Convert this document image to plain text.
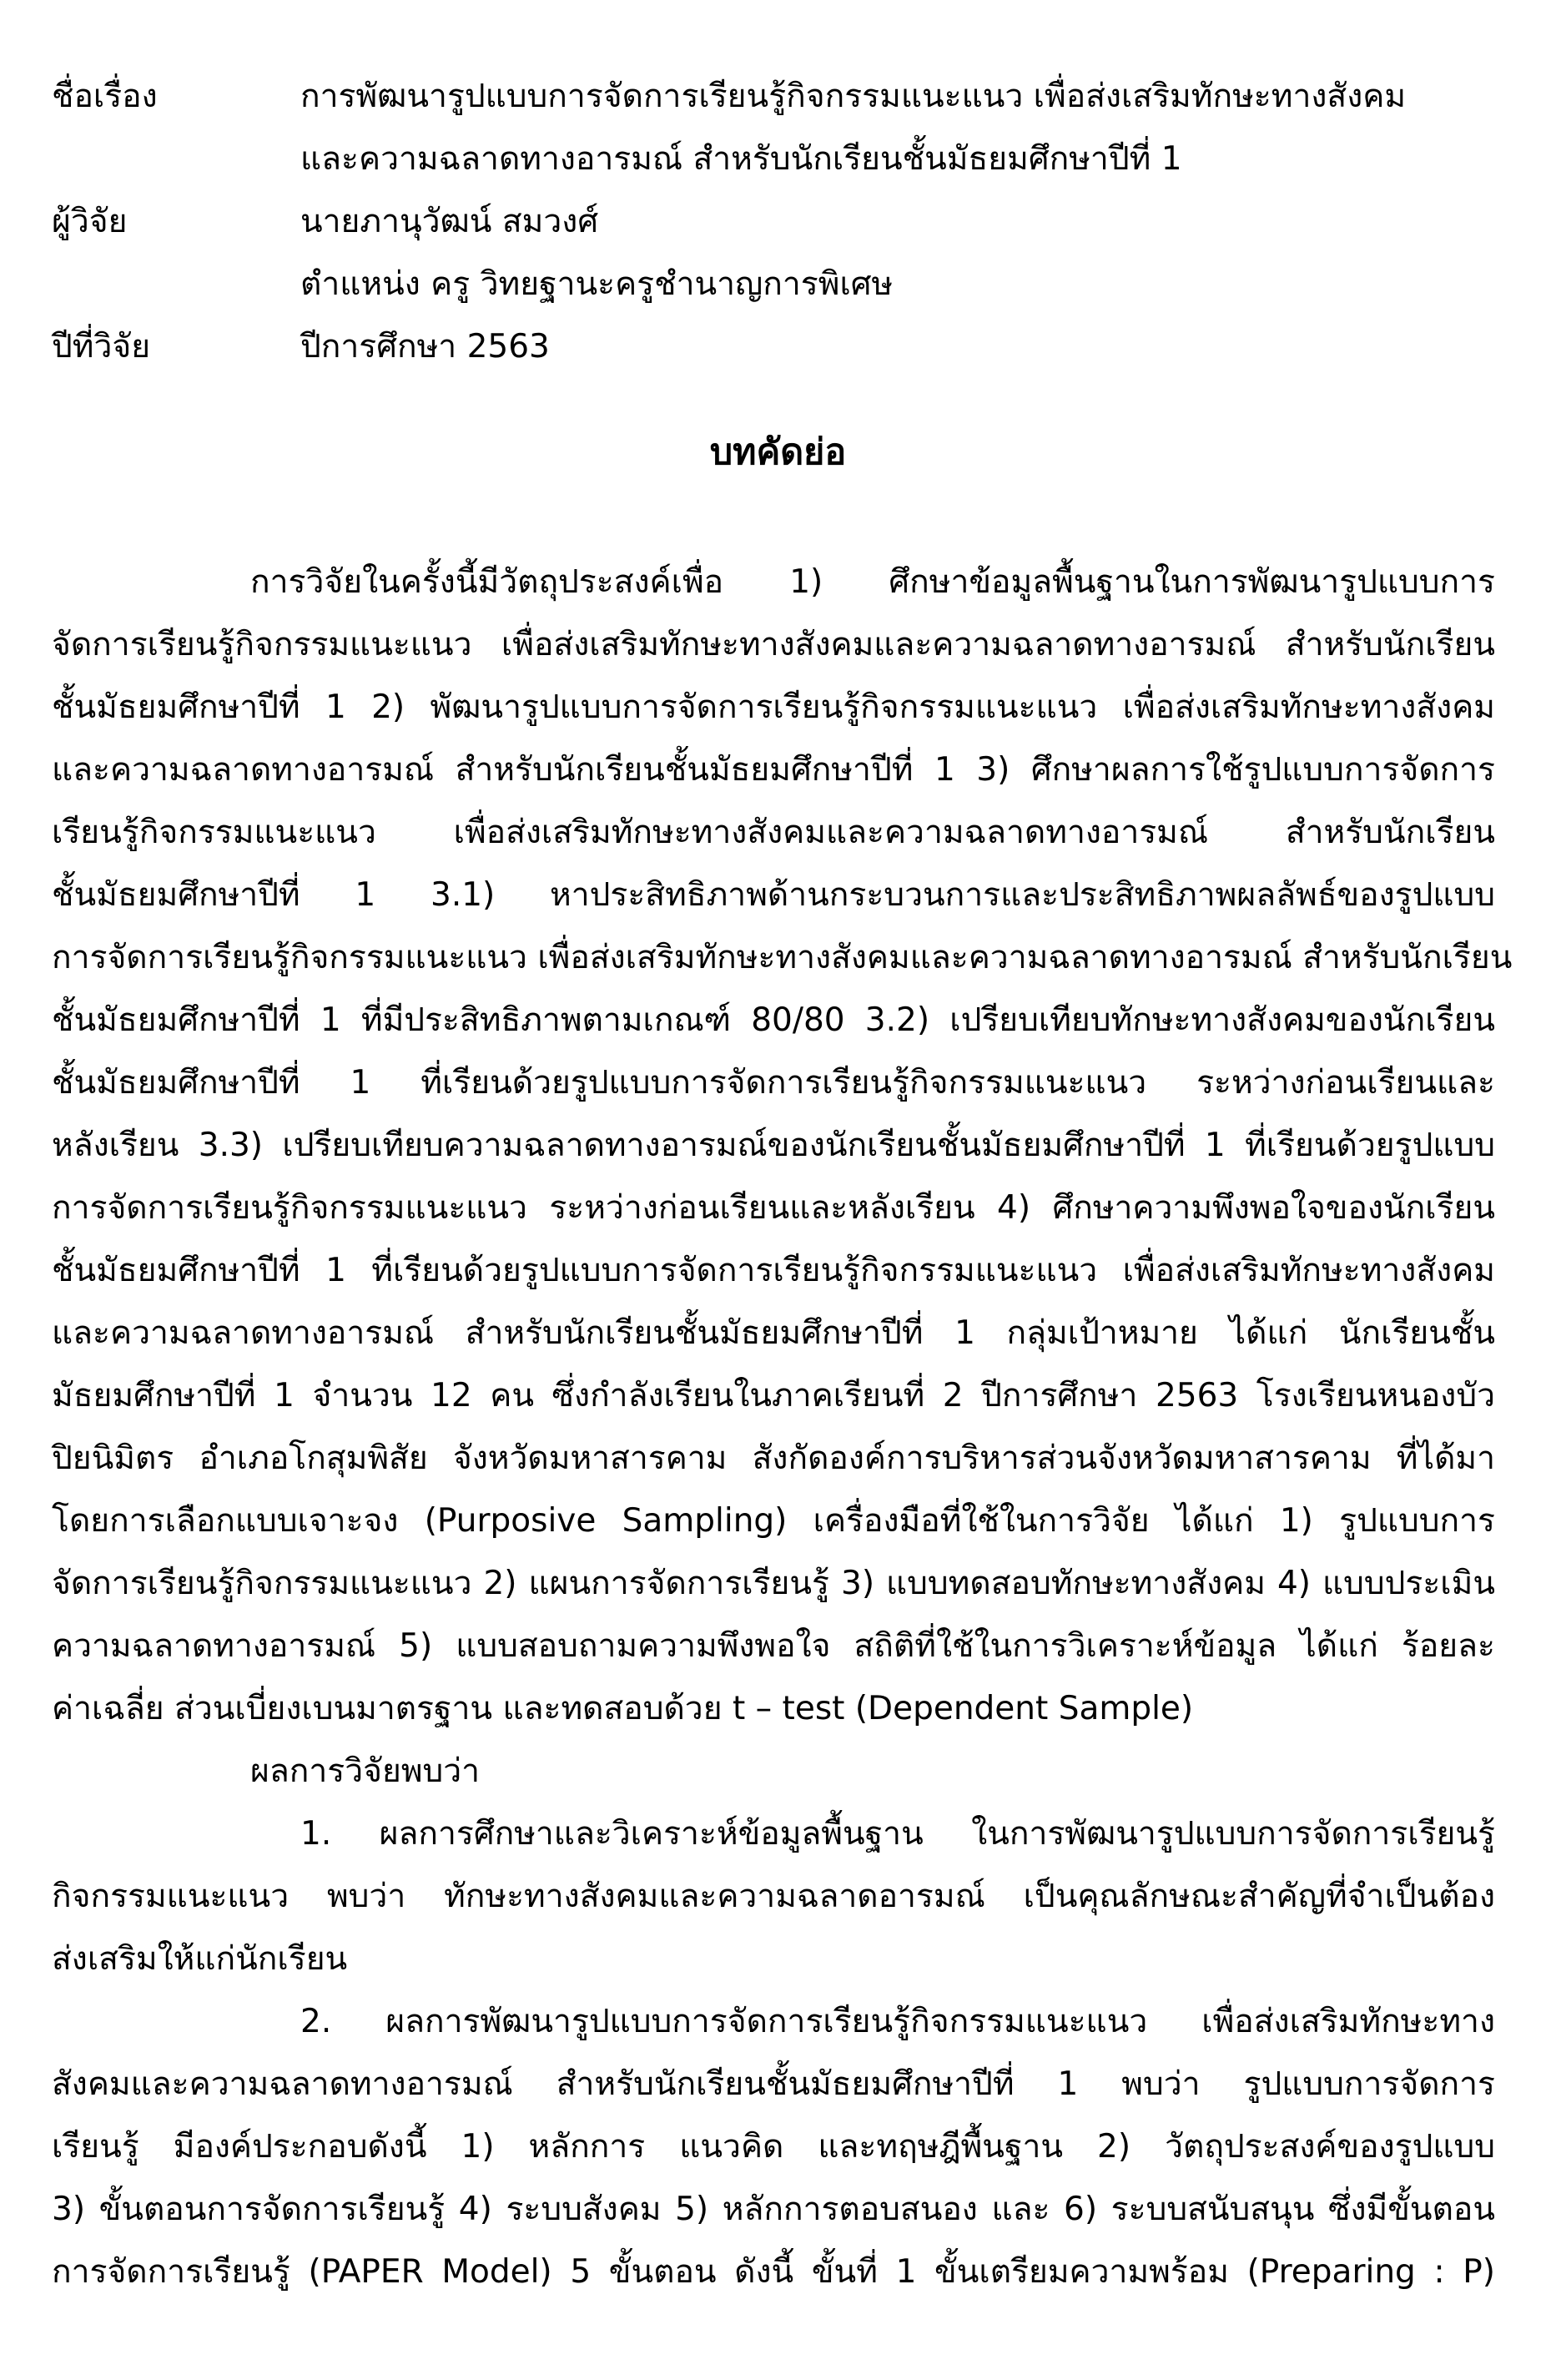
ชื่อเรื่อง	การพัฒนารูปแบบการจัดการเรียนรู้กิจกรรมแนะแนว เพื่อส่งเสริมทักษะทางสังคม
และความฉลาดทางอารมณ์ สำหรับนักเรียนชั้นมัธยมศึกษาปีที่ 1
ผู้วิจัย	นายภานุวัฒน์ สมวงศ์
ตำแหน่ง ครู วิทยฐานะครูชำนาญการพิเศษ
ปีที่วิจัย	ปีการศึกษา 2563
บทคัดย่อ
การวิจัยในครั้งนี้มีวัตถุประสงค์เพื่อ 1) ศึกษาข้อมูลพื้นฐานในการพัฒนารูปแบบการ
จัดการเรียนรู้กิจกรรมแนะแนว เพื่อส่งเสริมทักษะทางสังคมและความฉลาดทางอารมณ์ สำหรับนักเรียน
ชั้นมัธยมศึกษาปีที่ 1 2) พัฒนารูปแบบการจัดการเรียนรู้กิจกรรมแนะแนว เพื่อส่งเสริมทักษะทางสังคม
และความฉลาดทางอารมณ์ สำหรับนักเรียนชั้นมัธยมศึกษาปีที่ 1 3) ศึกษาผลการใช้รูปแบบการจัดการ
เรียนรู้กิจกรรมแนะแนว เพื่อส่งเสริมทักษะทางสังคมและความฉลาดทางอารมณ์ สำหรับนักเรียน
ชั้นมัธยมศึกษาปีที่ 1 3.1) หาประสิทธิภาพด้านกระบวนการและประสิทธิภาพผลลัพธ์ของรูปแบบ
การจัดการเรียนรู้กิจกรรมแนะแนว เพื่อส่งเสริมทักษะทางสังคมและความฉลาดทางอารมณ์ สำหรับนักเรียน
ชั้นมัธยมศึกษาปีที่ 1 ที่มีประสิทธิภาพตามเกณฑ์ 80/80 3.2) เปรียบเทียบทักษะทางสังคมของนักเรียน
ชั้นมัธยมศึกษาปีที่ 1 ที่เรียนด้วยรูปแบบการจัดการเรียนรู้กิจกรรมแนะแนว ระหว่างก่อนเรียนและ
หลังเรียน 3.3) เปรียบเทียบความฉลาดทางอารมณ์ของนักเรียนชั้นมัธยมศึกษาปีที่ 1 ที่เรียนด้วยรูปแบบ
การจัดการเรียนรู้กิจกรรมแนะแนว ระหว่างก่อนเรียนและหลังเรียน 4) ศึกษาความพึงพอใจของนักเรียน
ชั้นมัธยมศึกษาปีที่ 1 ที่เรียนด้วยรูปแบบการจัดการเรียนรู้กิจกรรมแนะแนว เพื่อส่งเสริมทักษะทางสังคม
และความฉลาดทางอารมณ์ สำหรับนักเรียนชั้นมัธยมศึกษาปีที่ 1 กลุ่มเป้าหมาย ได้แก่ นักเรียนชั้น
มัธยมศึกษาปีที่ 1 จำนวน 12 คน ซึ่งกำลังเรียนในภาคเรียนที่ 2 ปีการศึกษา 2563 โรงเรียนหนองบัว
ปิยนิมิตร อำเภอโกสุมพิสัย จังหวัดมหาสารคาม สังกัดองค์การบริหารส่วนจังหวัดมหาสารคาม ที่ได้มา
โดยการเลือกแบบเจาะจง (Purposive Sampling) เครื่องมือที่ใช้ในการวิจัย ได้แก่ 1) รูปแบบการ
จัดการเรียนรู้กิจกรรมแนะแนว 2) แผนการจัดการเรียนรู้ 3) แบบทดสอบทักษะทางสังคม 4) แบบประเมิน
ความฉลาดทางอารมณ์ 5) แบบสอบถามความพึงพอใจ สถิติที่ใช้ในการวิเคราะห์ข้อมูล ได้แก่ ร้อยละ
ค่าเฉลี่ย ส่วนเบี่ยงเบนมาตรฐาน และทดสอบด้วย t – test (Dependent Sample)
ผลการวิจัยพบว่า
1. ผลการศึกษาและวิเคราะห์ข้อมูลพื้นฐาน ในการพัฒนารูปแบบการจัดการเรียนรู้
กิจกรรมแนะแนว พบว่า ทักษะทางสังคมและความฉลาดอารมณ์ เป็นคุณลักษณะสำคัญที่จำเป็นต้อง
ส่งเสริมให้แก่นักเรียน
2. ผลการพัฒนารูปแบบการจัดการเรียนรู้กิจกรรมแนะแนว เพื่อส่งเสริมทักษะทาง
สังคมและความฉลาดทางอารมณ์ สำหรับนักเรียนชั้นมัธยมศึกษาปีที่ 1 พบว่า รูปแบบการจัดการ
เรียนรู้ มีองค์ประกอบดังนี้ 1) หลักการ แนวคิด และทฤษฎีพื้นฐาน 2) วัตถุประสงค์ของรูปแบบ
3) ขั้นตอนการจัดการเรียนรู้ 4) ระบบสังคม 5) หลักการตอบสนอง และ 6) ระบบสนับสนุน ซึ่งมีขั้นตอน
การจัดการเรียนรู้ (PAPER Model) 5 ขั้นตอน ดังนี้ ขั้นที่ 1 ขั้นเตรียมความพร้อม (Preparing : P)
